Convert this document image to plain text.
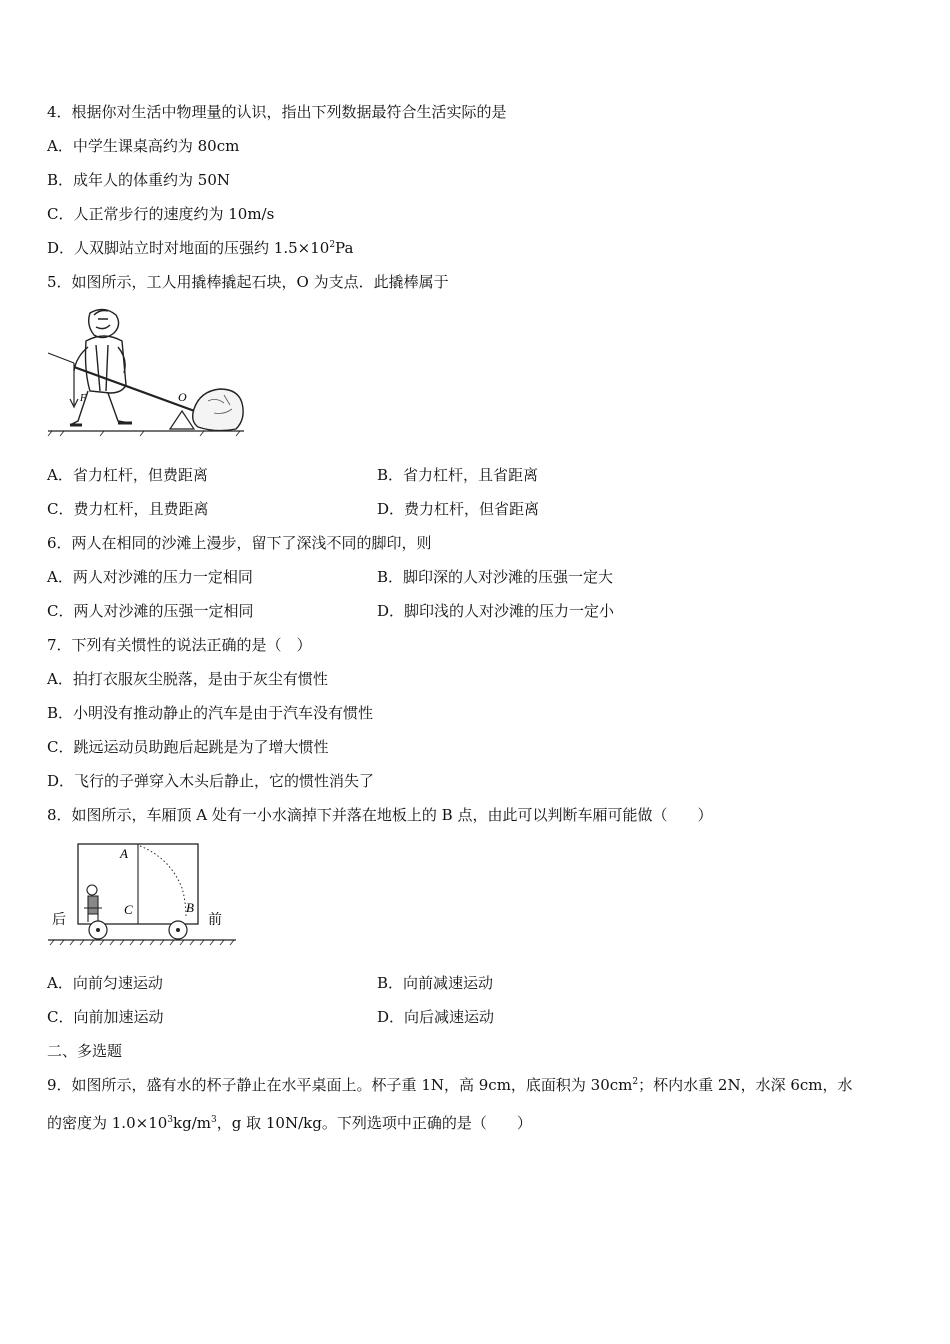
4．根据你对生活中物理量的认识，指出下列数据最符合生活实际的是
A．中学生课桌高约为 80cm
B．成年人的体重约为 50N
C．人正常步行的速度约为 10m/s
D．人双脚站立时对地面的压强约 $1.5\times 10^2Pa$
5．如图所示，工人用撬棒撬起石块，O 为支点．此撬棒属于
F	O
A．省力杠杆，但费距离	B．省力杠杆，且省距离
C．费力杠杆，且费距离	D．费力杠杆，但省距离
6．两人在相同的沙滩上漫步，留下了深浅不同的脚印，则
A．两人对沙滩的压力一定相同	B．脚印深的人对沙滩的压强一定大
C．两人对沙滩的压强一定相同	D．脚印浅的人对沙滩的压力一定小
7．下列有关惯性的说法正确的是（　）
A．拍打衣服灰尘脱落，是由于灰尘有惯性
B．小明没有推动静止的汽车是由于汽车没有惯性
C．跳远运动员助跑后起跳是为了增大惯性
D．飞行的子弹穿入木头后静止，它的惯性消失了
8．如图所示，车厢顶 A 处有一小水滴掉下并落在地板上的 B 点，由此可以判断车厢可能做（　　）
A
C	B
后	前
A．向前匀速运动	B．向前减速运动
C．向前加速运动	D．向后减速运动
二、多选题
9．如图所示，盛有水的杯子静止在水平桌面上。杯子重 1N，高 9cm，底面积为 $30cm^2$；杯内水重 2N，水深 6cm，水
的密度为 $1.0\times 10^3kg/m^3$，g 取 10N/kg。下列选项中正确的是（　　）
